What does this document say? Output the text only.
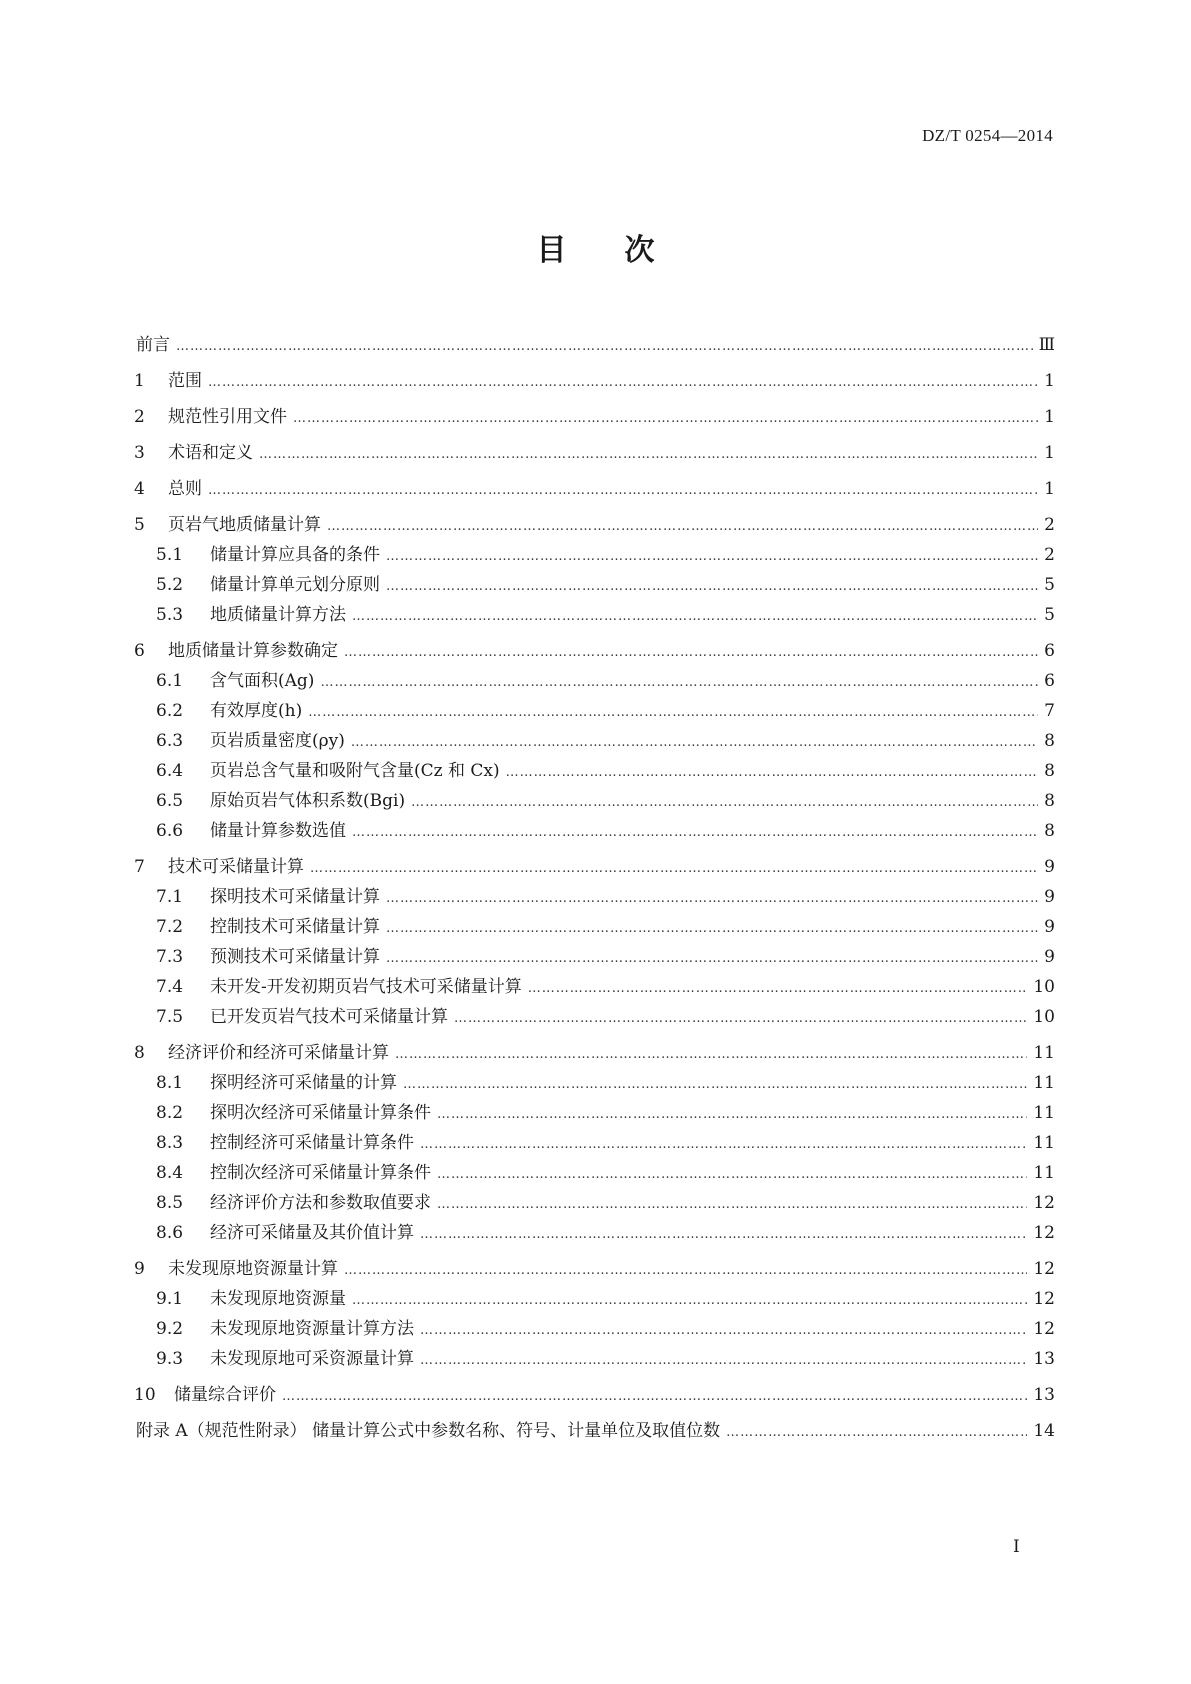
DZ/T 0254—2014
目次
前言 …………………………………………………………………………………………………………………………………………………………………………………………	Ⅲ
1	范围 …………………………………………………………………………………………………………………………………………………………………………………………	1
2	规范性引用文件 …………………………………………………………………………………………………………………………………………………………………………………………	1
3	术语和定义 …………………………………………………………………………………………………………………………………………………………………………………………	1
4	总则 …………………………………………………………………………………………………………………………………………………………………………………………	1
5	页岩气地质储量计算 …………………………………………………………………………………………………………………………………………………………………………………………	2
5.1	储量计算应具备的条件 …………………………………………………………………………………………………………………………………………………………………………………………	2
5.2	储量计算单元划分原则 …………………………………………………………………………………………………………………………………………………………………………………………	5
5.3	地质储量计算方法 …………………………………………………………………………………………………………………………………………………………………………………………	5
6	地质储量计算参数确定 …………………………………………………………………………………………………………………………………………………………………………………………	6
6.1	含气面积(Ag) …………………………………………………………………………………………………………………………………………………………………………………………	6
6.2	有效厚度(h) …………………………………………………………………………………………………………………………………………………………………………………………	7
6.3	页岩质量密度(ρy) …………………………………………………………………………………………………………………………………………………………………………………………	8
6.4	页岩总含气量和吸附气含量(Cz 和 Cx) …………………………………………………………………………………………………………………………………………………………………………………………	8
6.5	原始页岩气体积系数(Bgi) …………………………………………………………………………………………………………………………………………………………………………………………	8
6.6	储量计算参数选值 …………………………………………………………………………………………………………………………………………………………………………………………	8
7	技术可采储量计算 …………………………………………………………………………………………………………………………………………………………………………………………	9
7.1	探明技术可采储量计算 …………………………………………………………………………………………………………………………………………………………………………………………	9
7.2	控制技术可采储量计算 …………………………………………………………………………………………………………………………………………………………………………………………	9
7.3	预测技术可采储量计算 …………………………………………………………………………………………………………………………………………………………………………………………	9
7.4	未开发-开发初期页岩气技术可采储量计算 …………………………………………………………………………………………………………………………………………………………………………………………	10
7.5	已开发页岩气技术可采储量计算 …………………………………………………………………………………………………………………………………………………………………………………………	10
8	经济评价和经济可采储量计算 …………………………………………………………………………………………………………………………………………………………………………………………	11
8.1	探明经济可采储量的计算 …………………………………………………………………………………………………………………………………………………………………………………………	11
8.2	探明次经济可采储量计算条件 …………………………………………………………………………………………………………………………………………………………………………………………	11
8.3	控制经济可采储量计算条件 …………………………………………………………………………………………………………………………………………………………………………………………	11
8.4	控制次经济可采储量计算条件 …………………………………………………………………………………………………………………………………………………………………………………………	11
8.5	经济评价方法和参数取值要求 …………………………………………………………………………………………………………………………………………………………………………………………	12
8.6	经济可采储量及其价值计算 …………………………………………………………………………………………………………………………………………………………………………………………	12
9	未发现原地资源量计算 …………………………………………………………………………………………………………………………………………………………………………………………	12
9.1	未发现原地资源量 …………………………………………………………………………………………………………………………………………………………………………………………	12
9.2	未发现原地资源量计算方法 …………………………………………………………………………………………………………………………………………………………………………………………	12
9.3	未发现原地可采资源量计算 …………………………………………………………………………………………………………………………………………………………………………………………	13
10	储量综合评价 …………………………………………………………………………………………………………………………………………………………………………………………	13
附录 A（规范性附录） 储量计算公式中参数名称、符号、计量单位及取值位数 …………………………………………………………………………………………………………………………………………………………………………………………	14
I
